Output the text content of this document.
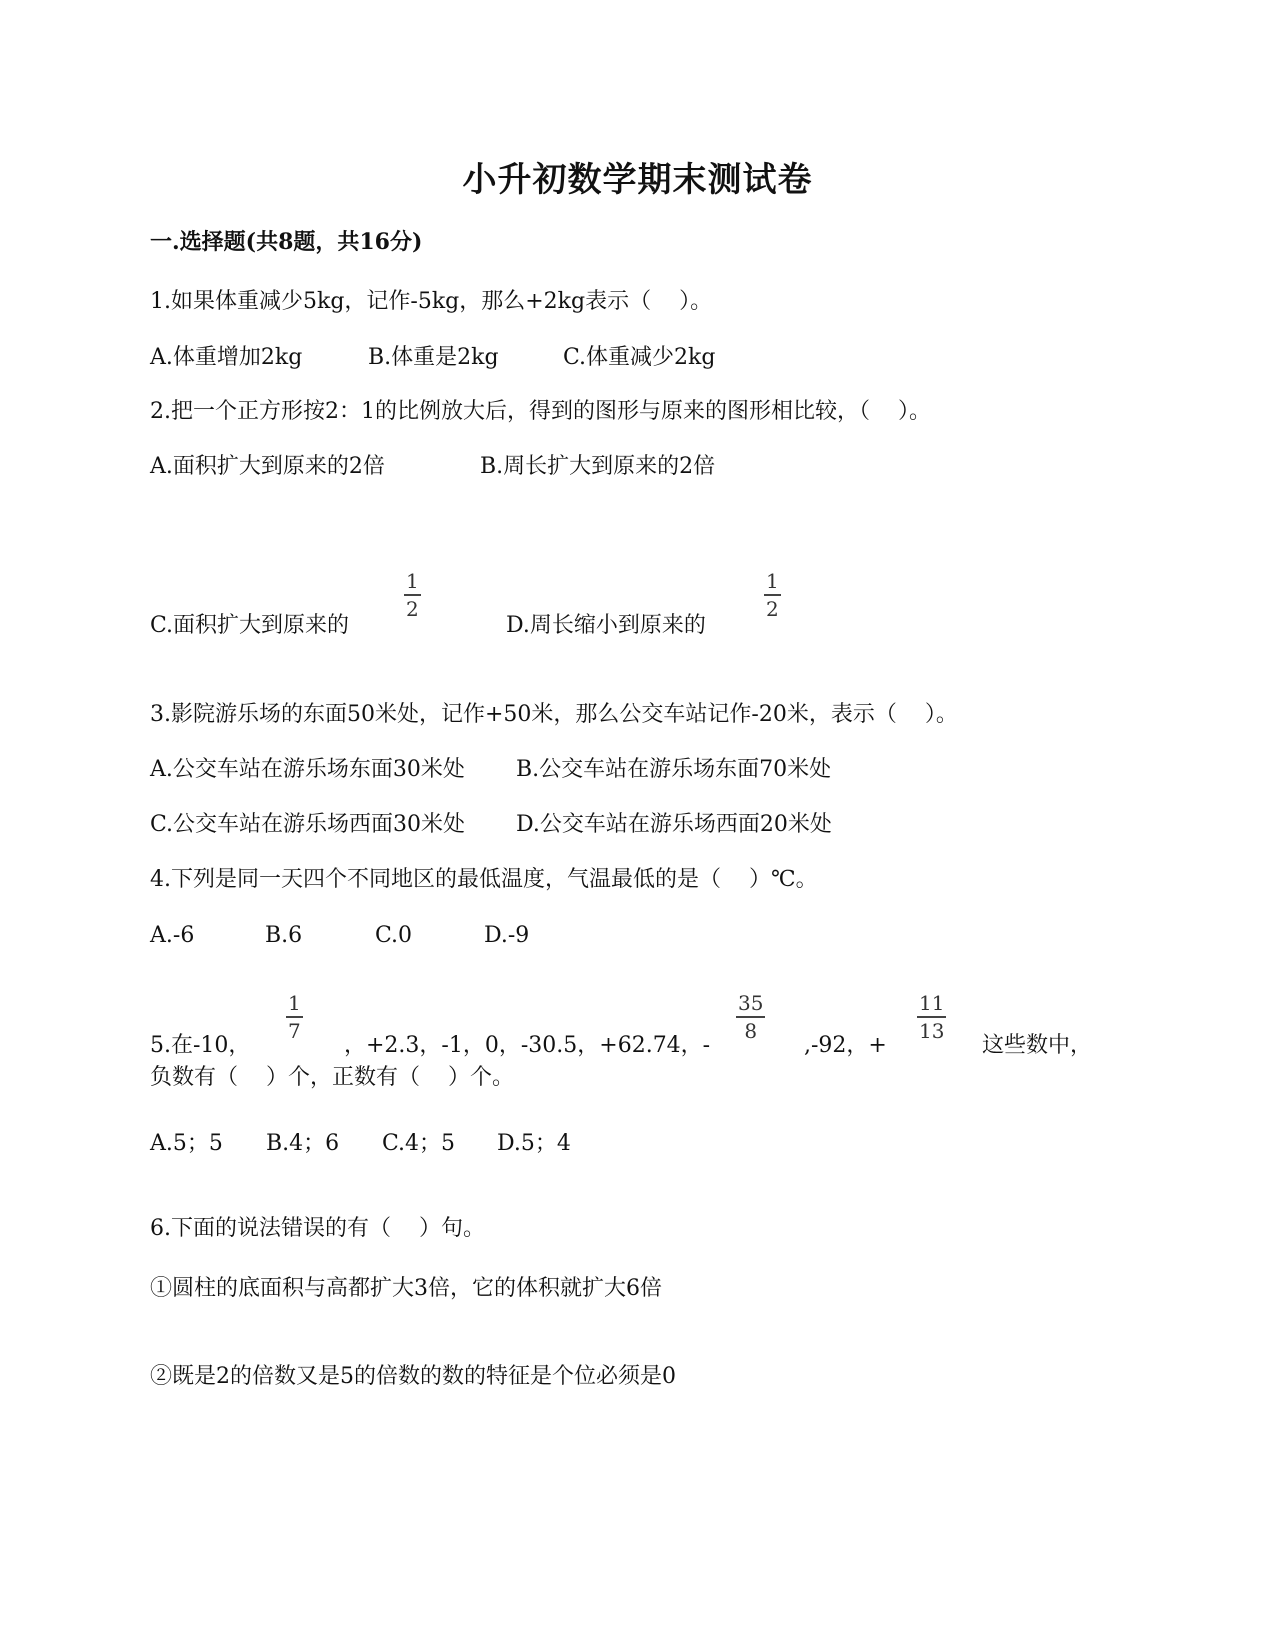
小升初数学期末测试卷
一.选择题(共8题，共16分)
1.如果体重减少5kg，记作-5kg，那么+2kg表示（    ）。
A.体重增加2kg	B.体重是2kg	C.体重减少2kg
2.把一个正方形按2：1的比例放大后，得到的图形与原来的图形相比较，（    ）。
A.面积扩大到原来的2倍	B.周长扩大到原来的2倍
C.面积扩大到原来的
1
2
D.周长缩小到原来的
1
2
3.影院游乐场的东面50米处，记作+50米，那么公交车站记作-20米，表示（    ）。
A.公交车站在游乐场东面30米处 B.公交车站在游乐场东面70米处
C.公交车站在游乐场西面30米处 D.公交车站在游乐场西面20米处
4.下列是同一天四个不同地区的最低温度，气温最低的是（    ）℃。
A.-6	B.6	C.0	D.-9
5.在-10，
1
7
，+2.3，-1，0，-30.5，+62.74，-
35
8
,-92，+
11
13
这些数中，
负数有（    ）个，正数有（    ）个。
A.5；5 B.4；6 C.4；5 D.5；4
6.下面的说法错误的有（    ）句。
①圆柱的底面积与高都扩大3倍，它的体积就扩大6倍
②既是2的倍数又是5的倍数的数的特征是个位必须是0
